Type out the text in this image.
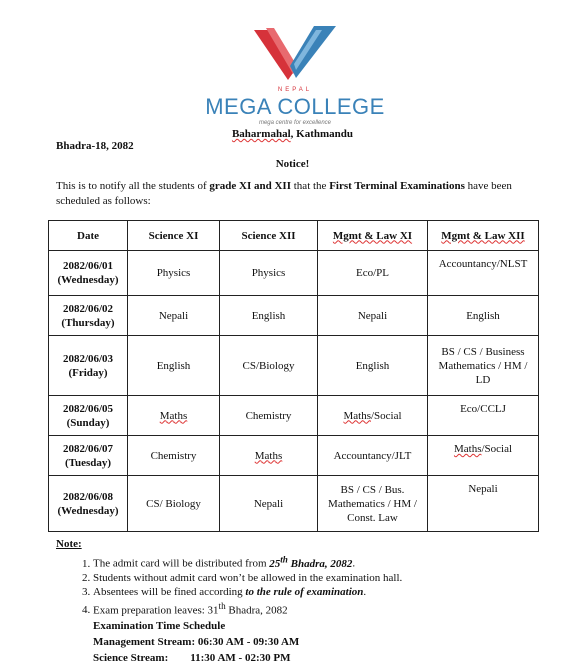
NEPAL
MEGA COLLEGE
mega centre for excellence
Baharmahal, Kathmandu
Bhadra-18, 2082
Notice!
This is to notify all the students of grade XI and XII that the First Terminal Examinations have been scheduled as follows:
Date	Science XI	Science XII	Mgmt & Law XI	Mgmt & Law XII

2082/06/01
(Wednesday)	Physics	Physics	Eco/PL	Accountancy/NLST

2082/06/02
(Thursday)	Nepali	English	Nepali	English

2082/06/03
(Friday)	English	CS/Biology	English	BS / CS / Business Mathematics / HM / LD

2082/06/05
(Sunday)	Maths	Chemistry	Maths/Social	Eco/CCLJ

2082/06/07
(Tuesday)	Chemistry	Maths	Accountancy/JLT	Maths/Social

2082/06/08
(Wednesday)	CS/ Biology	Nepali	BS / CS / Bus. Mathematics / HM / Const. Law	Nepali
Note:
1. The admit card will be distributed from 25th Bhadra, 2082.
2. Students without admit card won’t be allowed in the examination hall.
3. Absentees will be fined according to the rule of examination.
4. Exam preparation leaves: 31th Bhadra, 2082
Examination Time Schedule
Management Stream: 06:30 AM - 09:30 AM
Science Stream: 11:30 AM - 02:30 PM
